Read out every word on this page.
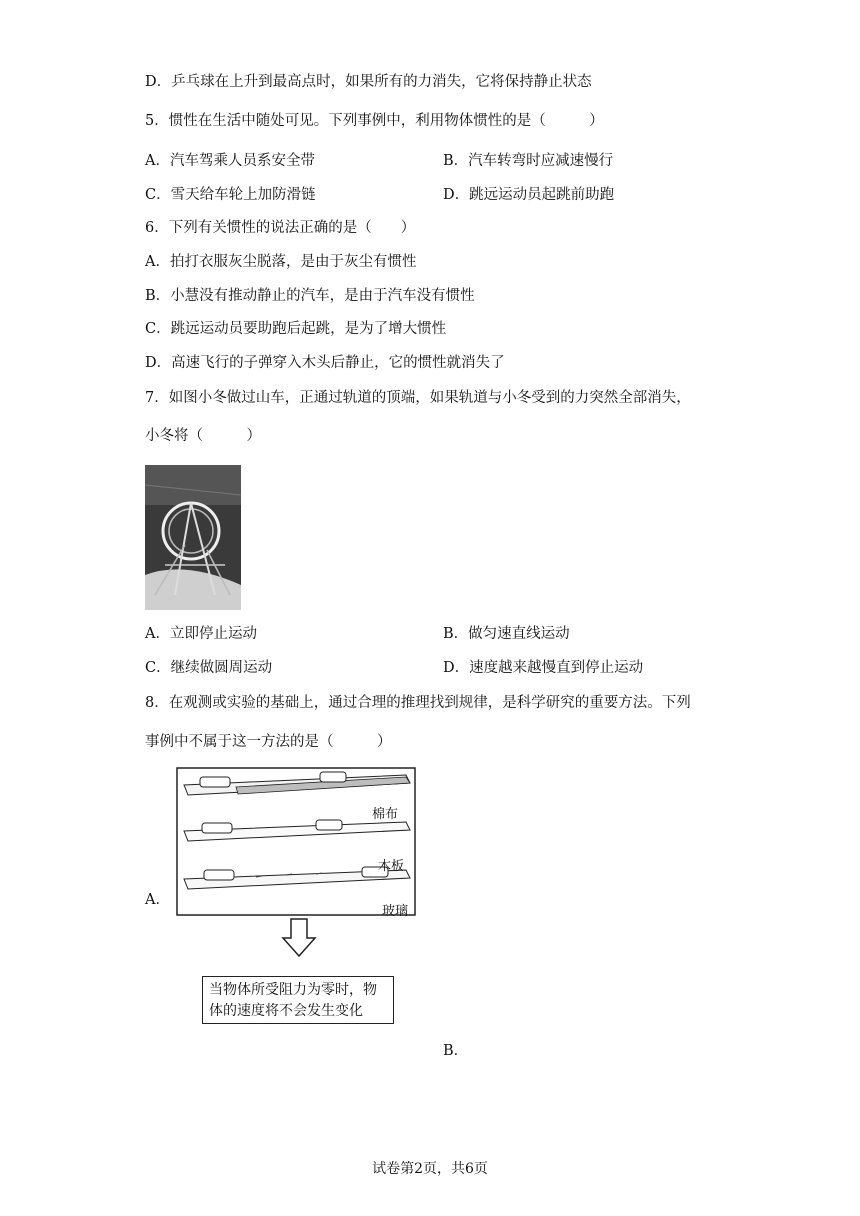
D．乒乓球在上升到最高点时，如果所有的力消失，它将保持静止状态
5．惯性在生活中随处可见。下列事例中，利用物体惯性的是（　　　）
A．汽车驾乘人员系安全带	B．汽车转弯时应减速慢行
C．雪天给车轮上加防滑链	D．跳远运动员起跳前助跑
6．下列有关惯性的说法正确的是（　　）
A．拍打衣服灰尘脱落，是由于灰尘有惯性
B．小慧没有推动静止的汽车，是由于汽车没有惯性
C．跳远运动员要助跑后起跳，是为了增大惯性
D．高速飞行的子弹穿入木头后静止，它的惯性就消失了
7．如图小冬做过山车，正通过轨道的顶端，如果轨道与小冬受到的力突然全部消失，
小冬将（　　　）
A．立即停止运动	B．做匀速直线运动
C．继续做圆周运动	D．速度越来越慢直到停止运动
8．在观测或实验的基础上，通过合理的推理找到规律，是科学研究的重要方法。下列
事例中不属于这一方法的是（　　　）
A．
棉布
木板
玻璃
当物体所受阻力为零时，物
体的速度将不会发生变化
B．
试卷第2页，共6页
